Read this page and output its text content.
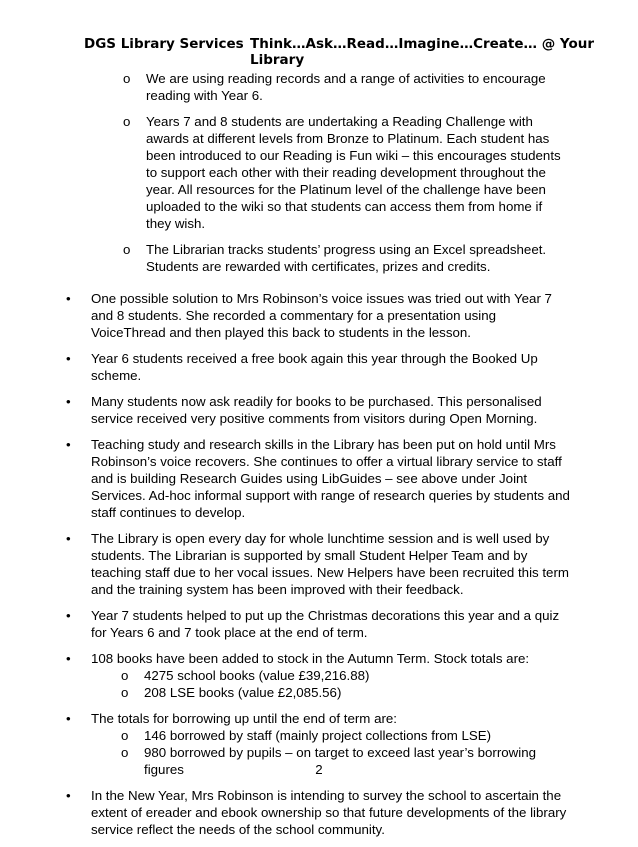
DGS Library Services Think…Ask…Read…Imagine…Create… @ Your Library
o We are using reading records and a range of activities to encourage reading with Year 6.
o Years 7 and 8 students are undertaking a Reading Challenge with awards at different levels from Bronze to Platinum. Each student has been introduced to our Reading is Fun wiki – this encourages students to support each other with their reading development throughout the year. All resources for the Platinum level of the challenge have been uploaded to the wiki so that students can access them from home if they wish.
o The Librarian tracks students’ progress using an Excel spreadsheet. Students are rewarded with certificates, prizes and credits.
• One possible solution to Mrs Robinson’s voice issues was tried out with Year 7 and 8 students. She recorded a commentary for a presentation using VoiceThread and then played this back to students in the lesson.
• Year 6 students received a free book again this year through the Booked Up scheme.
• Many students now ask readily for books to be purchased. This personalised service received very positive comments from visitors during Open Morning.
• Teaching study and research skills in the Library has been put on hold until Mrs Robinson’s voice recovers. She continues to offer a virtual library service to staff and is building Research Guides using LibGuides – see above under Joint Services. Ad-hoc informal support with range of research queries by students and staff continues to develop.
• The Library is open every day for whole lunchtime session and is well used by students. The Librarian is supported by small Student Helper Team and by teaching staff due to her vocal issues. New Helpers have been recruited this term and the training system has been improved with their feedback.
• Year 7 students helped to put up the Christmas decorations this year and a quiz for Years 6 and 7 took place at the end of term.
• 108 books have been added to stock in the Autumn Term. Stock totals are:
o 4275 school books (value £39,216.88)
o 208 LSE books (value £2,085.56)
• The totals for borrowing up until the end of term are:
o 146 borrowed by staff (mainly project collections from LSE)
o 980 borrowed by pupils – on target to exceed last year’s borrowing figures
• In the New Year, Mrs Robinson is intending to survey the school to ascertain the extent of ereader and ebook ownership so that future developments of the library service reflect the needs of the school community.
2
